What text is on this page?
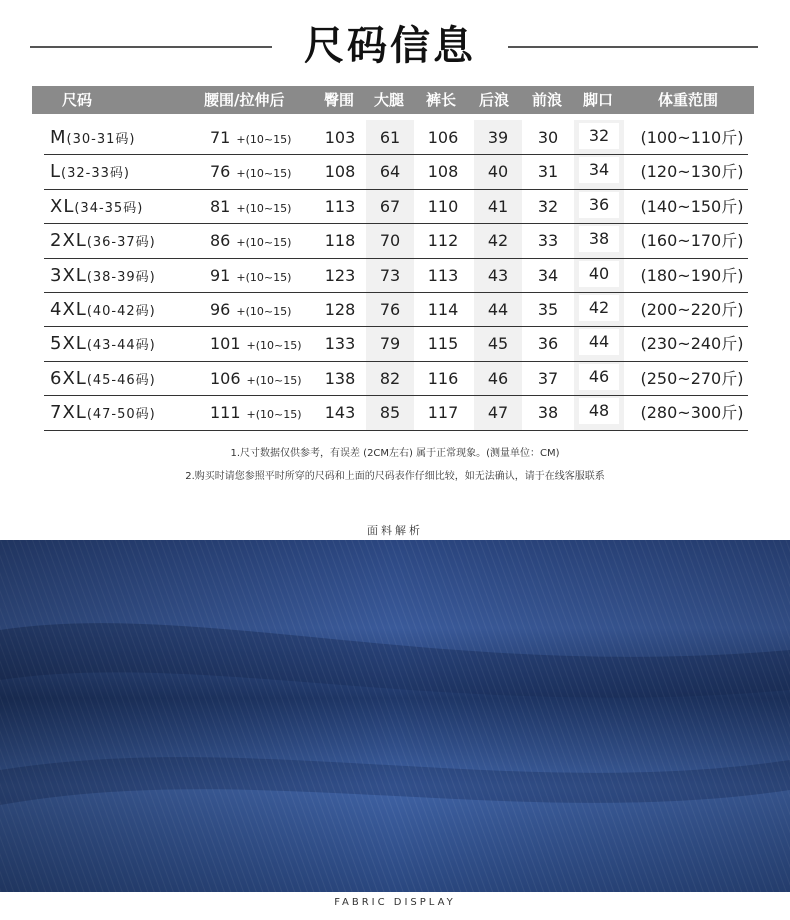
尺码信息
尺码	腰围/拉伸后	臀围 大腿 裤长 后浪 前浪 脚口	体重范围
M(30-31码)	71 +(10~15)	103	61	106	39	30	32	(100~110斤)
L(32-33码)	76 +(10~15)	108	64	108	40	31	34	(120~130斤)
XL(34-35码)	81 +(10~15)	113	67	110	41	32	36	(140~150斤)
2XL(36-37码)	86 +(10~15)	118	70	112	42	33	38	(160~170斤)
3XL(38-39码)	91 +(10~15)	123	73	113	43	34	40	(180~190斤)
4XL(40-42码)	96 +(10~15)	128	76	114	44	35	42	(200~220斤)
5XL(43-44码)	101 +(10~15)	133	79	115	45	36	44	(230~240斤)
6XL(45-46码)	106 +(10~15)	138	82	116	46	37	46	(250~270斤)
7XL(47-50码)	111 +(10~15)	143	85	117	47	38	48	(280~300斤)
1.尺寸数据仅供参考，有误差 (2CM左右) 属于正常现象。(测量单位：CM)
2.购买时请您参照平时所穿的尺码和上面的尺码表作仔细比较，如无法确认，请于在线客服联系
面料解析
FABRIC DISPLAY
